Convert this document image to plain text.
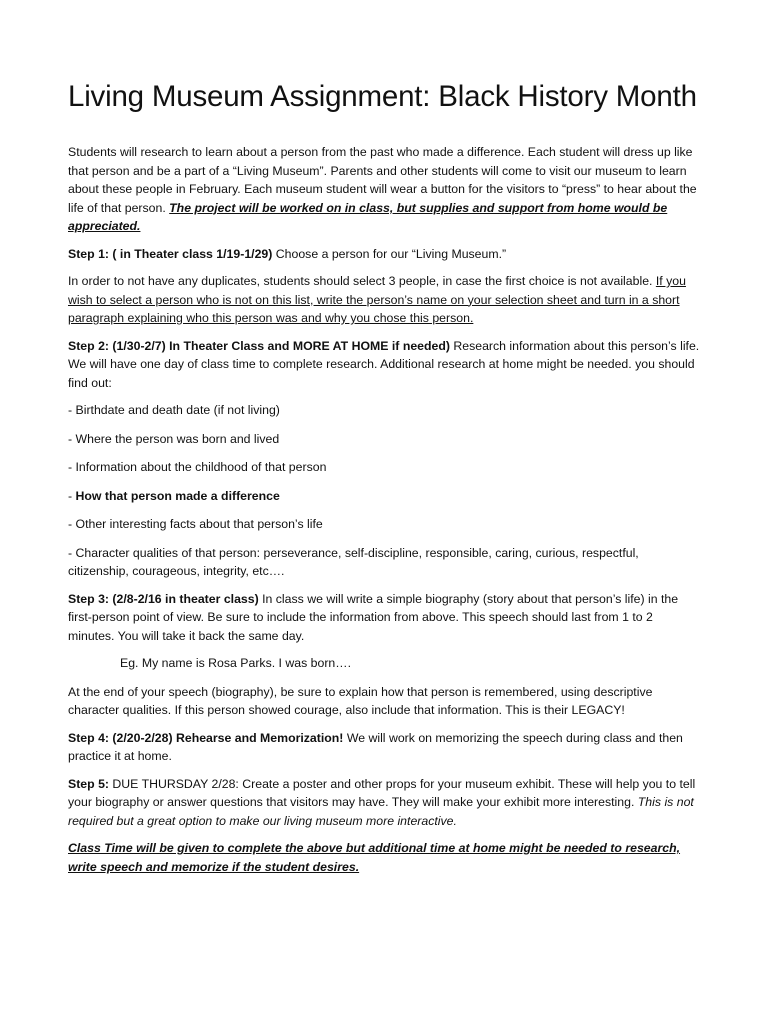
Living Museum Assignment: Black History Month

Students will research to learn about a person from the past who made a difference. Each student will dress up like that person and be a part of a “Living Museum”. Parents and other students will come to visit our museum to learn about these people in February. Each museum student will wear a button for the visitors to “press” to hear about the life of that person. The project will be worked on in class, but supplies and support from home would be appreciated.

Step 1: ( in Theater class 1/19-1/29) Choose a person for our “Living Museum.”

In order to not have any duplicates, students should select 3 people, in case the first choice is not available. If you wish to select a person who is not on this list, write the person’s name on your selection sheet and turn in a short paragraph explaining who this person was and why you chose this person.

Step 2: (1/30-2/7) In Theater Class and MORE AT HOME if needed) Research information about this person’s life. We will have one day of class time to complete research. Additional research at home might be needed. you should find out:

- Birthdate and death date (if not living)

- Where the person was born and lived

- Information about the childhood of that person

- How that person made a difference

- Other interesting facts about that person’s life

- Character qualities of that person: perseverance, self-discipline, responsible, caring, curious, respectful, citizenship, courageous, integrity, etc….

Step 3: (2/8-2/16 in theater class) In class we will write a simple biography (story about that person’s life) in the first-person point of view. Be sure to include the information from above. This speech should last from 1 to 2 minutes. You will take it back the same day.

Eg. My name is Rosa Parks. I was born….

At the end of your speech (biography), be sure to explain how that person is remembered, using descriptive character qualities. If this person showed courage, also include that information. This is their LEGACY!

Step 4: (2/20-2/28) Rehearse and Memorization! We will work on memorizing the speech during class and then practice it at home.

Step 5: DUE THURSDAY 2/28: Create a poster and other props for your museum exhibit. These will help you to tell your biography or answer questions that visitors may have. They will make your exhibit more interesting. This is not required but a great option to make our living museum more interactive.

Class Time will be given to complete the above but additional time at home might be needed to research, write speech and memorize if the student desires.
